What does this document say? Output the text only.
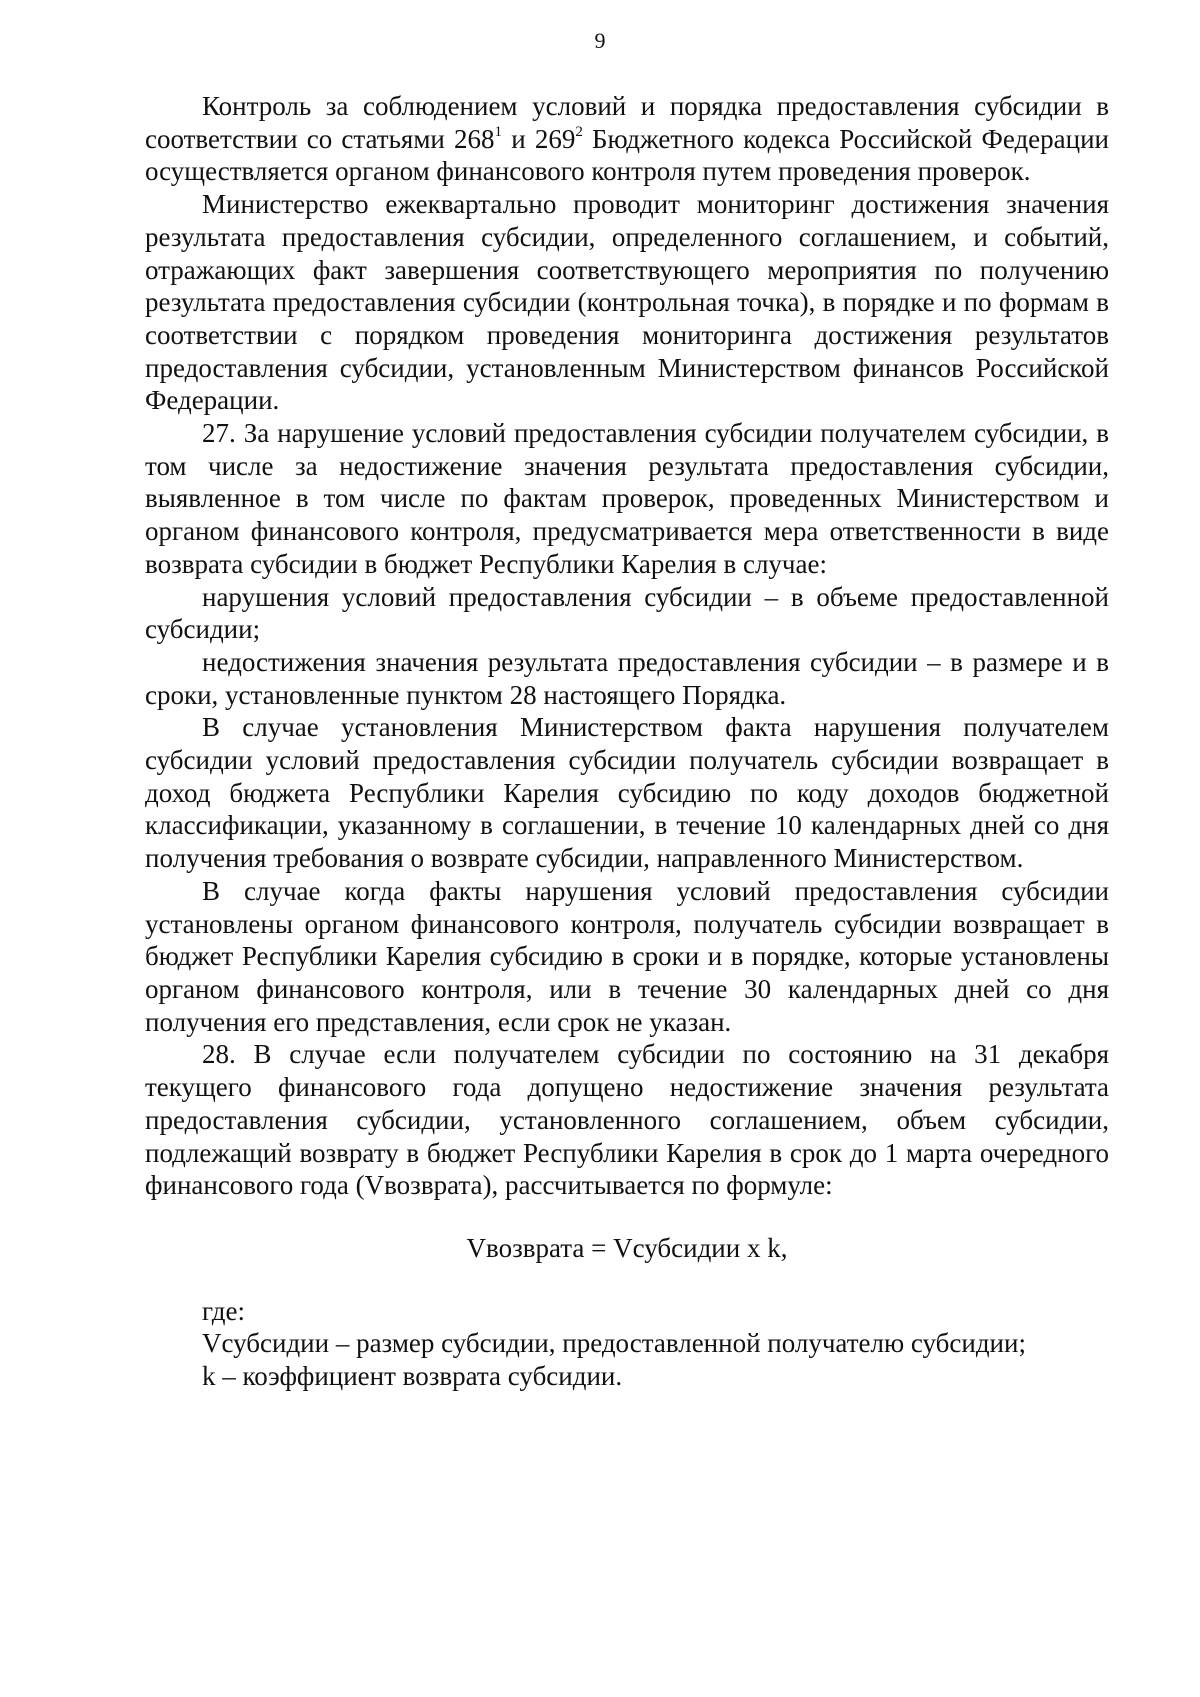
9

Контроль за соблюдением условий и порядка предоставления субсидии в соответствии со статьями $268^1$ и $269^2$ Бюджетного кодекса Российской Федерации осуществляется органом финансового контроля путем проведения проверок.

Министерство ежеквартально проводит мониторинг достижения значения результата предоставления субсидии, определенного соглашением, и событий, отражающих факт завершения соответствующего мероприятия по получению результата предоставления субсидии (контрольная точка), в порядке и по формам в соответствии с порядком проведения мониторинга достижения результатов предоставления субсидии, установленным Министерством финансов Российской Федерации.

27. За нарушение условий предоставления субсидии получателем субсидии, в том числе за недостижение значения результата предоставления субсидии, выявленное в том числе по фактам проверок, проведенных Министерством и органом финансового контроля, предусматривается мера ответственности в виде возврата субсидии в бюджет Республики Карелия в случае:

нарушения условий предоставления субсидии – в объеме предоставленной субсидии;

недостижения значения результата предоставления субсидии – в размере и в сроки, установленные пунктом 28 настоящего Порядка.

В случае установления Министерством факта нарушения получателем субсидии условий предоставления субсидии получатель субсидии возвращает в доход бюджета Республики Карелия субсидию по коду доходов бюджетной классификации, указанному в соглашении, в течение 10 календарных дней со дня получения требования о возврате субсидии, направленного Министерством.

В случае когда факты нарушения условий предоставления субсидии установлены органом финансового контроля, получатель субсидии возвращает в бюджет Республики Карелия субсидию в сроки и в порядке, которые установлены органом финансового контроля, или в течение 30 календарных дней со дня получения его представления, если срок не указан.

28. В случае если получателем субсидии по состоянию на 31 декабря текущего финансового года допущено недостижение значения результата предоставления субсидии, установленного соглашением, объем субсидии, подлежащий возврату в бюджет Республики Карелия в срок до 1 марта очередного финансового года (Vвозврата), рассчитывается по формуле:

Vвозврата = Vсубсидии x k,

где:

Vсубсидии – размер субсидии, предоставленной получателю субсидии;

k – коэффициент возврата субсидии.
